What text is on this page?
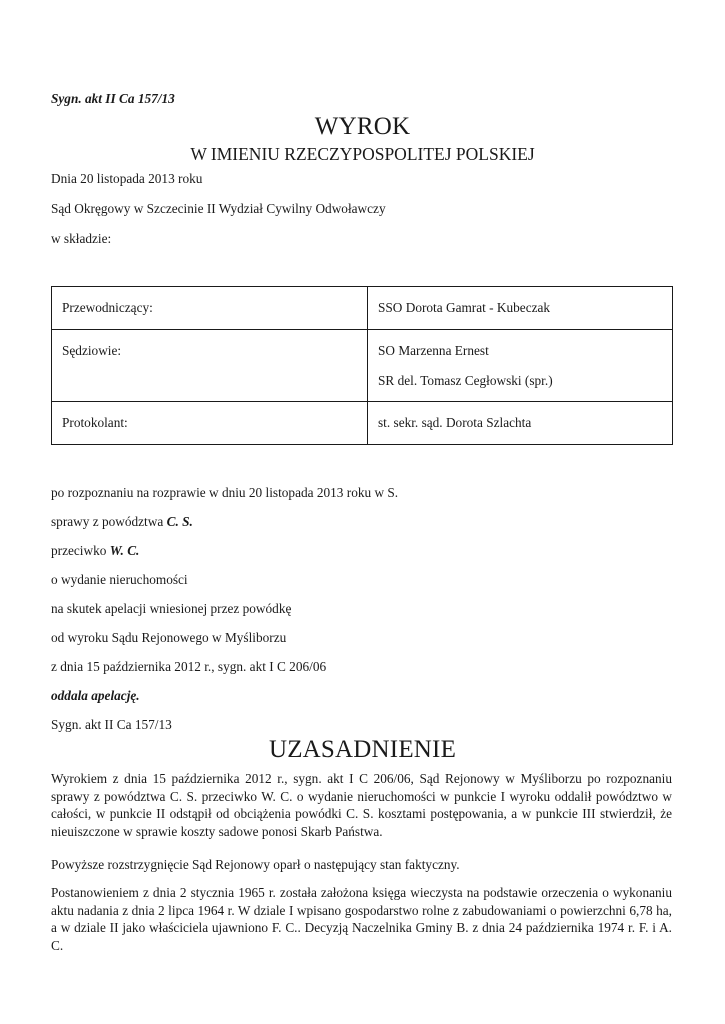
Sygn. akt II Ca 157/13
WYROK
W IMIENIU RZECZYPOSPOLITEJ POLSKIEJ
Dnia 20 listopada 2013 roku
Sąd Okręgowy w Szczecinie II Wydział Cywilny Odwoławczy
w składzie:
Przewodniczący:	SSO Dorota Gamrat - Kubeczak

Sędziowie:	SO Marzenna Ernest
SR del. Tomasz Cegłowski (spr.)

Protokolant:	st. sekr. sąd. Dorota Szlachta
po rozpoznaniu na rozprawie w dniu 20 listopada 2013 roku w S.
sprawy z powództwa C. S.
przeciwko W. C.
o wydanie nieruchomości
na skutek apelacji wniesionej przez powódkę
od wyroku Sądu Rejonowego w Myśliborzu
z dnia 15 października 2012 r., sygn. akt I C 206/06
oddala apelację.
Sygn. akt II Ca 157/13
UZASADNIENIE
Wyrokiem z dnia 15 października 2012 r., sygn. akt I C 206/06, Sąd Rejonowy w Myśliborzu po rozpoznaniu sprawy z powództwa C. S. przeciwko W. C. o wydanie nieruchomości w punkcie I wyroku oddalił powództwo w całości, w punkcie II odstąpił od obciążenia powódki C. S. kosztami postępowania, a w punkcie III stwierdził, że nieuiszczone w sprawie koszty sadowe ponosi Skarb Państwa.
Powyższe rozstrzygnięcie Sąd Rejonowy oparł o następujący stan faktyczny.
Postanowieniem z dnia 2 stycznia 1965 r. została założona księga wieczysta na podstawie orzeczenia o wykonaniu aktu nadania z dnia 2 lipca 1964 r. W dziale I wpisano gospodarstwo rolne z zabudowaniami o powierzchni 6,78 ha, a w dziale II jako właściciela ujawniono F. C.. Decyzją Naczelnika Gminy B. z dnia 24 października 1974 r. F. i A. C.
